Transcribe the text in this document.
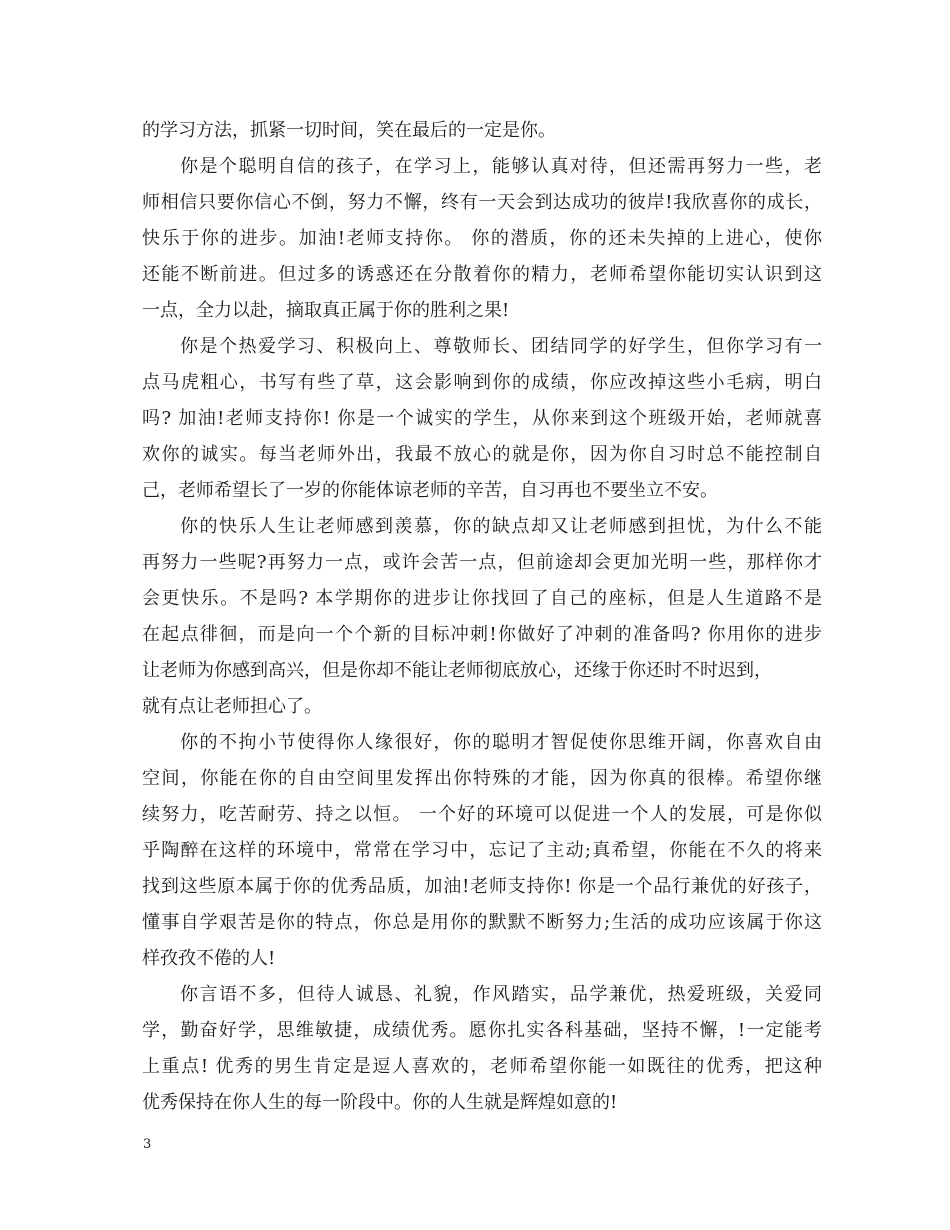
的学习方法，抓紧一切时间，笑在最后的一定是你。
你是个聪明自信的孩子，在学习上，能够认真对待，但还需再努力一些，老
师相信只要你信心不倒，努力不懈，终有一天会到达成功的彼岸!我欣喜你的成长，
快乐于你的进步。加油!老师支持你。 你的潜质，你的还未失掉的上进心，使你
还能不断前进。但过多的诱惑还在分散着你的精力，老师希望你能切实认识到这
一点，全力以赴，摘取真正属于你的胜利之果!
你是个热爱学习、积极向上、尊敬师长、团结同学的好学生，但你学习有一
点马虎粗心，书写有些了草，这会影响到你的成绩，你应改掉这些小毛病，明白
吗? 加油!老师支持你! 你是一个诚实的学生，从你来到这个班级开始，老师就喜
欢你的诚实。每当老师外出，我最不放心的就是你，因为你自习时总不能控制自
己，老师希望长了一岁的你能体谅老师的辛苦，自习再也不要坐立不安。
你的快乐人生让老师感到羡慕，你的缺点却又让老师感到担忧，为什么不能
再努力一些呢?再努力一点，或许会苦一点，但前途却会更加光明一些，那样你才
会更快乐。不是吗? 本学期你的进步让你找回了自己的座标，但是人生道路不是
在起点徘徊，而是向一个个新的目标冲刺!你做好了冲刺的准备吗? 你用你的进步
让老师为你感到高兴，但是你却不能让老师彻底放心，还缘于你还时不时迟到，
就有点让老师担心了。
你的不拘小节使得你人缘很好，你的聪明才智促使你思维开阔，你喜欢自由
空间，你能在你的自由空间里发挥出你特殊的才能，因为你真的很棒。希望你继
续努力，吃苦耐劳、持之以恒。 一个好的环境可以促进一个人的发展，可是你似
乎陶醉在这样的环境中，常常在学习中，忘记了主动;真希望，你能在不久的将来
找到这些原本属于你的优秀品质，加油!老师支持你! 你是一个品行兼优的好孩子，
懂事自学艰苦是你的特点，你总是用你的默默不断努力;生活的成功应该属于你这
样孜孜不倦的人!
你言语不多，但待人诚恳、礼貌，作风踏实，品学兼优，热爱班级，关爱同
学，勤奋好学，思维敏捷，成绩优秀。愿你扎实各科基础，坚持不懈，!一定能考
上重点! 优秀的男生肯定是逗人喜欢的，老师希望你能一如既往的优秀，把这种
优秀保持在你人生的每一阶段中。你的人生就是辉煌如意的!
3
